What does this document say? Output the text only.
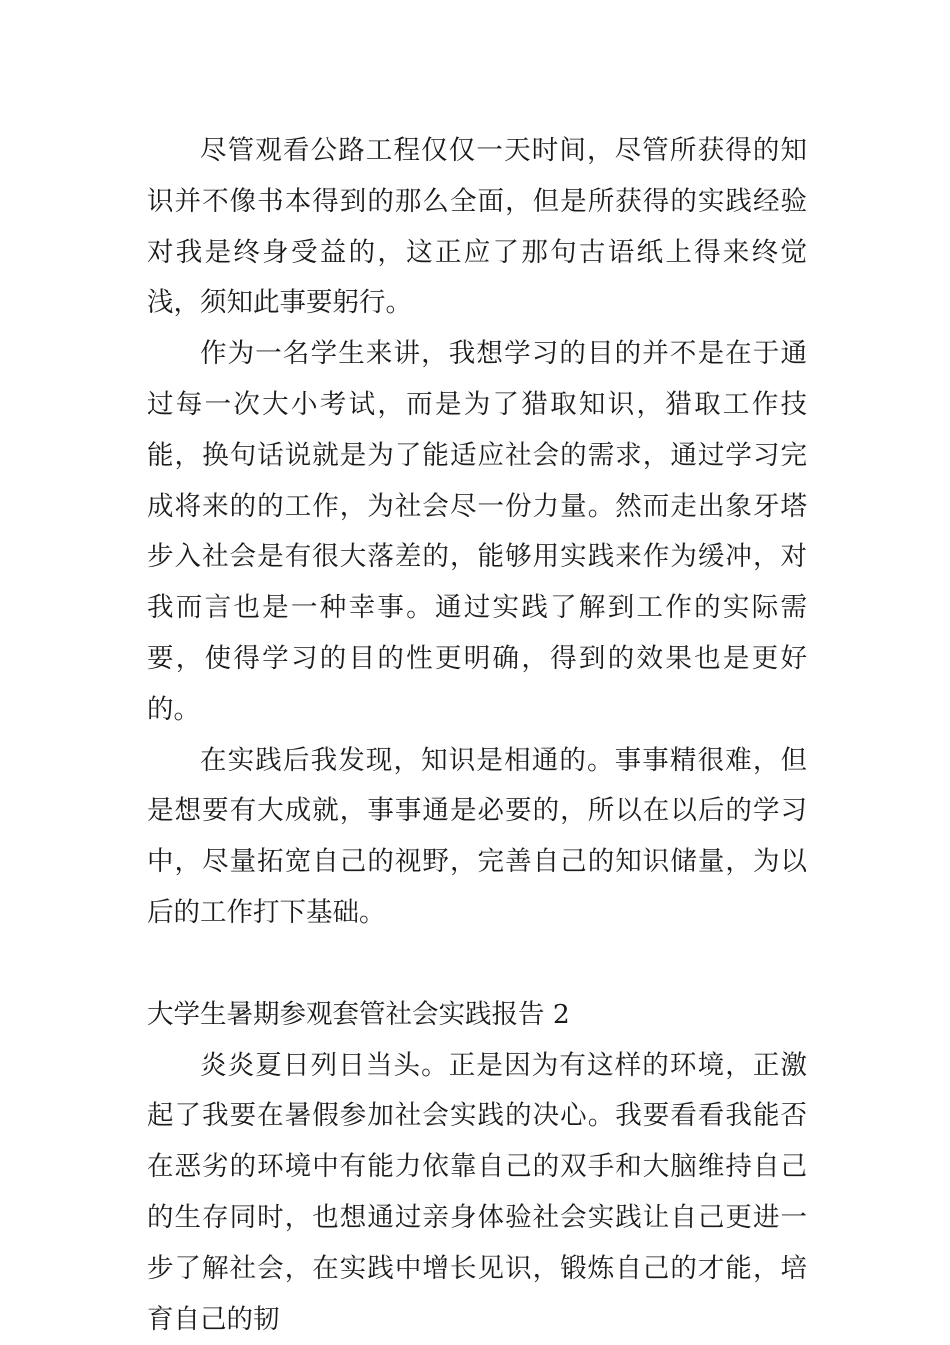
尽管观看公路工程仅仅一天时间，尽管所获得的知识并不像书本得到的那么全面，但是所获得的实践经验对我是终身受益的，这正应了那句古语纸上得来终觉浅，须知此事要躬行。

作为一名学生来讲，我想学习的目的并不是在于通过每一次大小考试，而是为了猎取知识，猎取工作技能，换句话说就是为了能适应社会的需求，通过学习完成将来的的工作，为社会尽一份力量。然而走出象牙塔步入社会是有很大落差的，能够用实践来作为缓冲，对我而言也是一种幸事。通过实践了解到工作的实际需要，使得学习的目的性更明确，得到的效果也是更好的。

在实践后我发现，知识是相通的。事事精很难，但是想要有大成就，事事通是必要的，所以在以后的学习中，尽量拓宽自己的视野，完善自己的知识储量，为以后的工作打下基础。

大学生暑期参观套管社会实践报告 2

炎炎夏日列日当头。正是因为有这样的环境，正激起了我要在暑假参加社会实践的决心。我要看看我能否在恶劣的环境中有能力依靠自己的双手和大脑维持自己的生存同时，也想通过亲身体验社会实践让自己更进一步了解社会，在实践中增长见识，锻炼自己的才能，培育自己的韧
